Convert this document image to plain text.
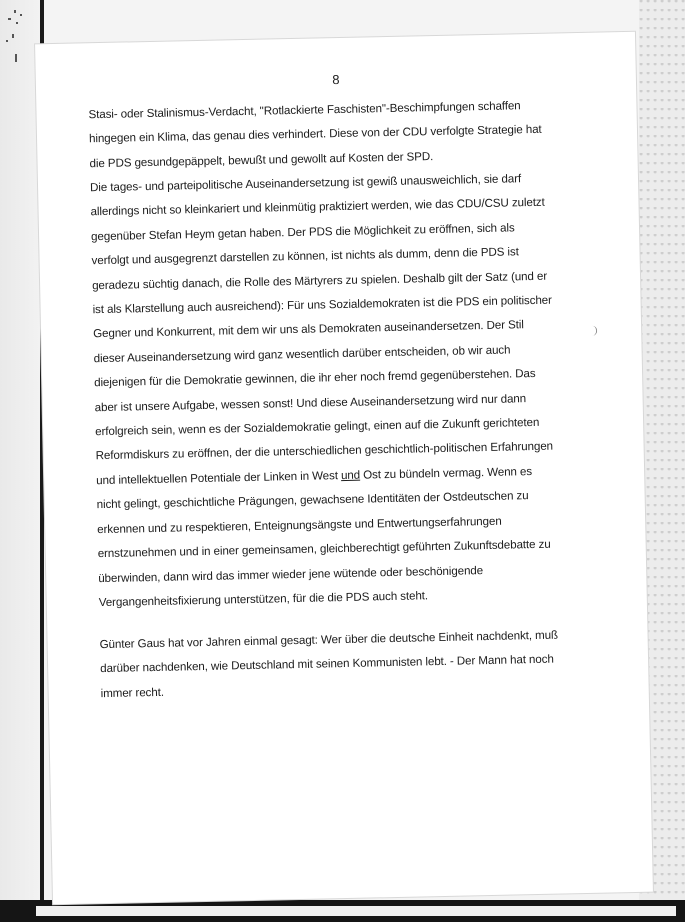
8
Stasi- oder Stalinismus-Verdacht, "Rotlackierte Faschisten"-Beschimpfungen schaffen
hingegen ein Klima, das genau dies verhindert. Diese von der CDU verfolgte Strategie hat
die PDS gesundgepäppelt, bewußt und gewollt auf Kosten der SPD.
Die tages- und parteipolitische Auseinandersetzung ist gewiß unausweichlich, sie darf
allerdings nicht so kleinkariert und kleinmütig praktiziert werden, wie das CDU/CSU zuletzt
gegenüber Stefan Heym getan haben. Der PDS die Möglichkeit zu eröffnen, sich als
verfolgt und ausgegrenzt darstellen zu können, ist nichts als dumm, denn die PDS ist
geradezu süchtig danach, die Rolle des Märtyrers zu spielen. Deshalb gilt der Satz (und er
ist als Klarstellung auch ausreichend): Für uns Sozialdemokraten ist die PDS ein politischer
Gegner und Konkurrent, mit dem wir uns als Demokraten auseinandersetzen. Der Stil
dieser Auseinandersetzung wird ganz wesentlich darüber entscheiden, ob wir auch
diejenigen für die Demokratie gewinnen, die ihr eher noch fremd gegenüberstehen. Das
aber ist unsere Aufgabe, wessen sonst! Und diese Auseinandersetzung wird nur dann
erfolgreich sein, wenn es der Sozialdemokratie gelingt, einen auf die Zukunft gerichteten
Reformdiskurs zu eröffnen, der die unterschiedlichen geschichtlich-politischen Erfahrungen
und intellektuellen Potentiale der Linken in West und Ost zu bündeln vermag. Wenn es
nicht gelingt, geschichtliche Prägungen, gewachsene Identitäten der Ostdeutschen zu
erkennen und zu respektieren, Enteignungsängste und Entwertungserfahrungen
ernstzunehmen und in einer gemeinsamen, gleichberechtigt geführten Zukunftsdebatte zu
überwinden, dann wird das immer wieder jene wütende oder beschönigende
Vergangenheitsfixierung unterstützen, für die die PDS auch steht.
Günter Gaus hat vor Jahren einmal gesagt: Wer über die deutsche Einheit nachdenkt, muß
darüber nachdenken, wie Deutschland mit seinen Kommunisten lebt. - Der Mann hat noch
immer recht.
